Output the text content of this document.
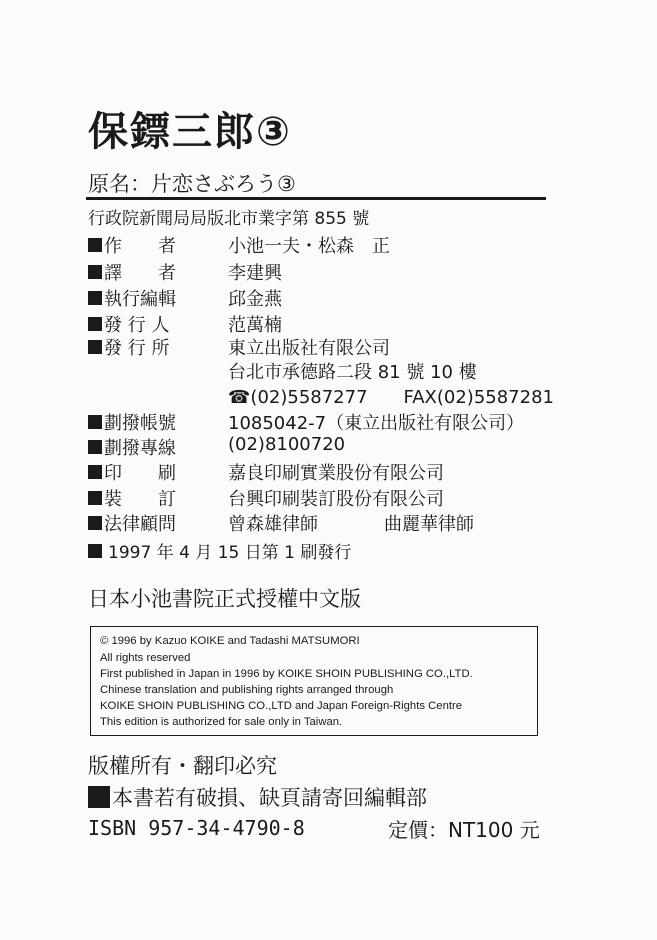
保鏢三郎③
原名：片恋さぶろう③
行政院新聞局局版北市業字第 855 號
作　　者	小池一夫・松森　正
譯　　者	李建興
執行編輯	邱金燕
發 行 人	范萬楠
發 行 所	東立出版社有限公司
台北市承德路二段 81 號 10 樓
☎(02)5587277　　FAX(02)5587281
劃撥帳號	1085042-7（東立出版社有限公司）
劃撥專線	(02)8100720
印　　刷	嘉良印刷實業股份有限公司
裝　　訂	台興印刷裝訂股份有限公司
法律顧問	曾森雄律師	曲麗華律師
1997 年 4 月 15 日第 1 刷發行
日本小池書院正式授權中文版
© 1996 by Kazuo KOIKE and Tadashi MATSUMORI
All rights reserved
First published in Japan in 1996 by KOIKE SHOIN PUBLISHING CO.,LTD.
Chinese translation and publishing rights arranged through
KOIKE SHOIN PUBLISHING CO.,LTD and Japan Foreign-Rights Centre
This edition is authorized for sale only in Taiwan.
版權所有・翻印必究
本書若有破損、缺頁請寄回編輯部
ISBN 957-34-4790-8	定價：NT100 元
